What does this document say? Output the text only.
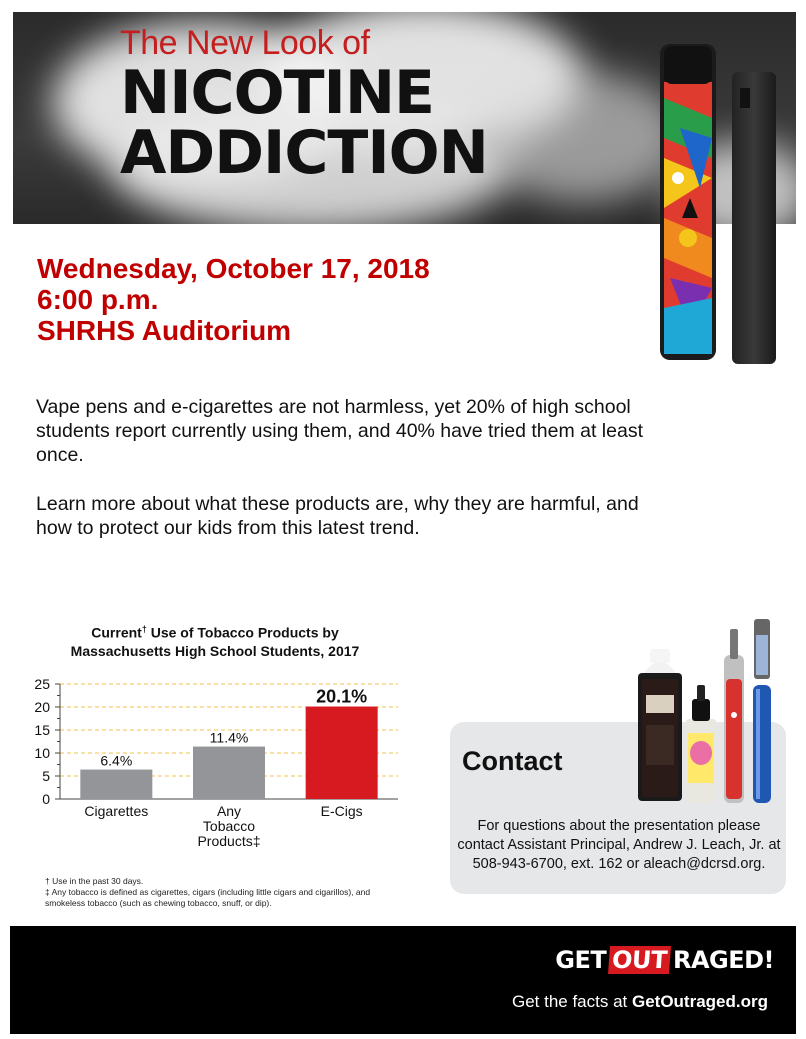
The New Look of
NICOTINE
ADDICTION
Wednesday, October 17, 2018
6:00 p.m.
SHRHS Auditorium
Vape pens and e-cigarettes are not harmless, yet 20% of high school students report currently using them, and 40% have tried them at least once.
Learn more about what these products are, why they are harmful, and how to protect our kids from this latest trend.
Current† Use of Tobacco Products by
Massachusetts High School Students, 2017
0
5
10
15
20
25
6.4%
Cigarettes
11.4%
Any
Tobacco
Products‡
20.1%
E-Cigs
† Use in the past 30 days.
‡ Any tobacco is defined as cigarettes, cigars (including little cigars and cigarillos), and smokeless tobacco (such as chewing tobacco, snuff, or dip).
Contact
For questions about the presentation please contact Assistant Principal, Andrew J. Leach, Jr. at 508-943-6700, ext. 162 or aleach@dcrsd.org.
GET OUT RAGED!
Get the facts at GetOutraged.org
